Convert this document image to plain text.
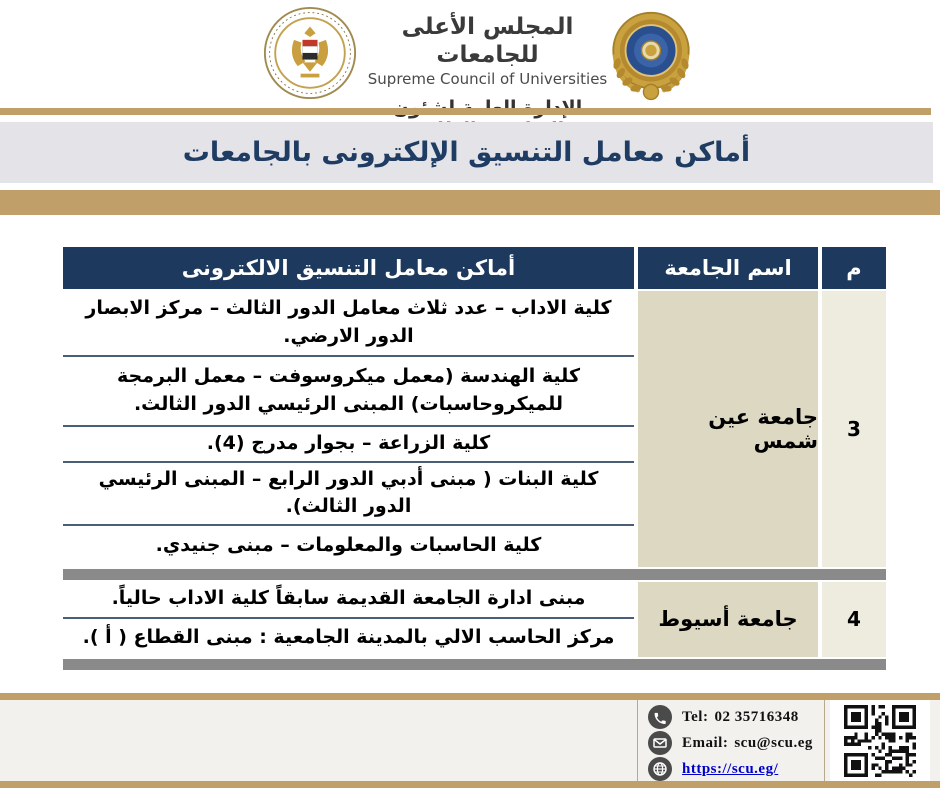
المجلس الأعلى للجامعات
Supreme Council of Universities
أماكن معامل التنسيق الإلكترونى بالجامعات
م
اسم الجامعة
أماكن معامل التنسيق الالكترونى
3
جامعة عين شمس
كلية الاداب – عدد ثلاث معامل الدور الثالث – مركز الابصار الدور الارضي.
كلية الهندسة (معمل ميكروسوفت – معمل البرمجة للميكروحاسبات) المبنى الرئيسي الدور الثالث.
كلية الزراعة – بجوار مدرج (4).
كلية البنات ( مبنى أدبي الدور الرابع – المبنى الرئيسي الدور الثالث).
كلية الحاسبات والمعلومات – مبنى جنيدي.
4
جامعة أسيوط
مبنى ادارة الجامعة القديمة سابقاً كلية الاداب حالياً.
مركز الحاسب الالي بالمدينة الجامعية : مبنى القطاع ( أ ).
Tel: 02 35716348
Email: scu@scu.eg
https://scu.eg/
